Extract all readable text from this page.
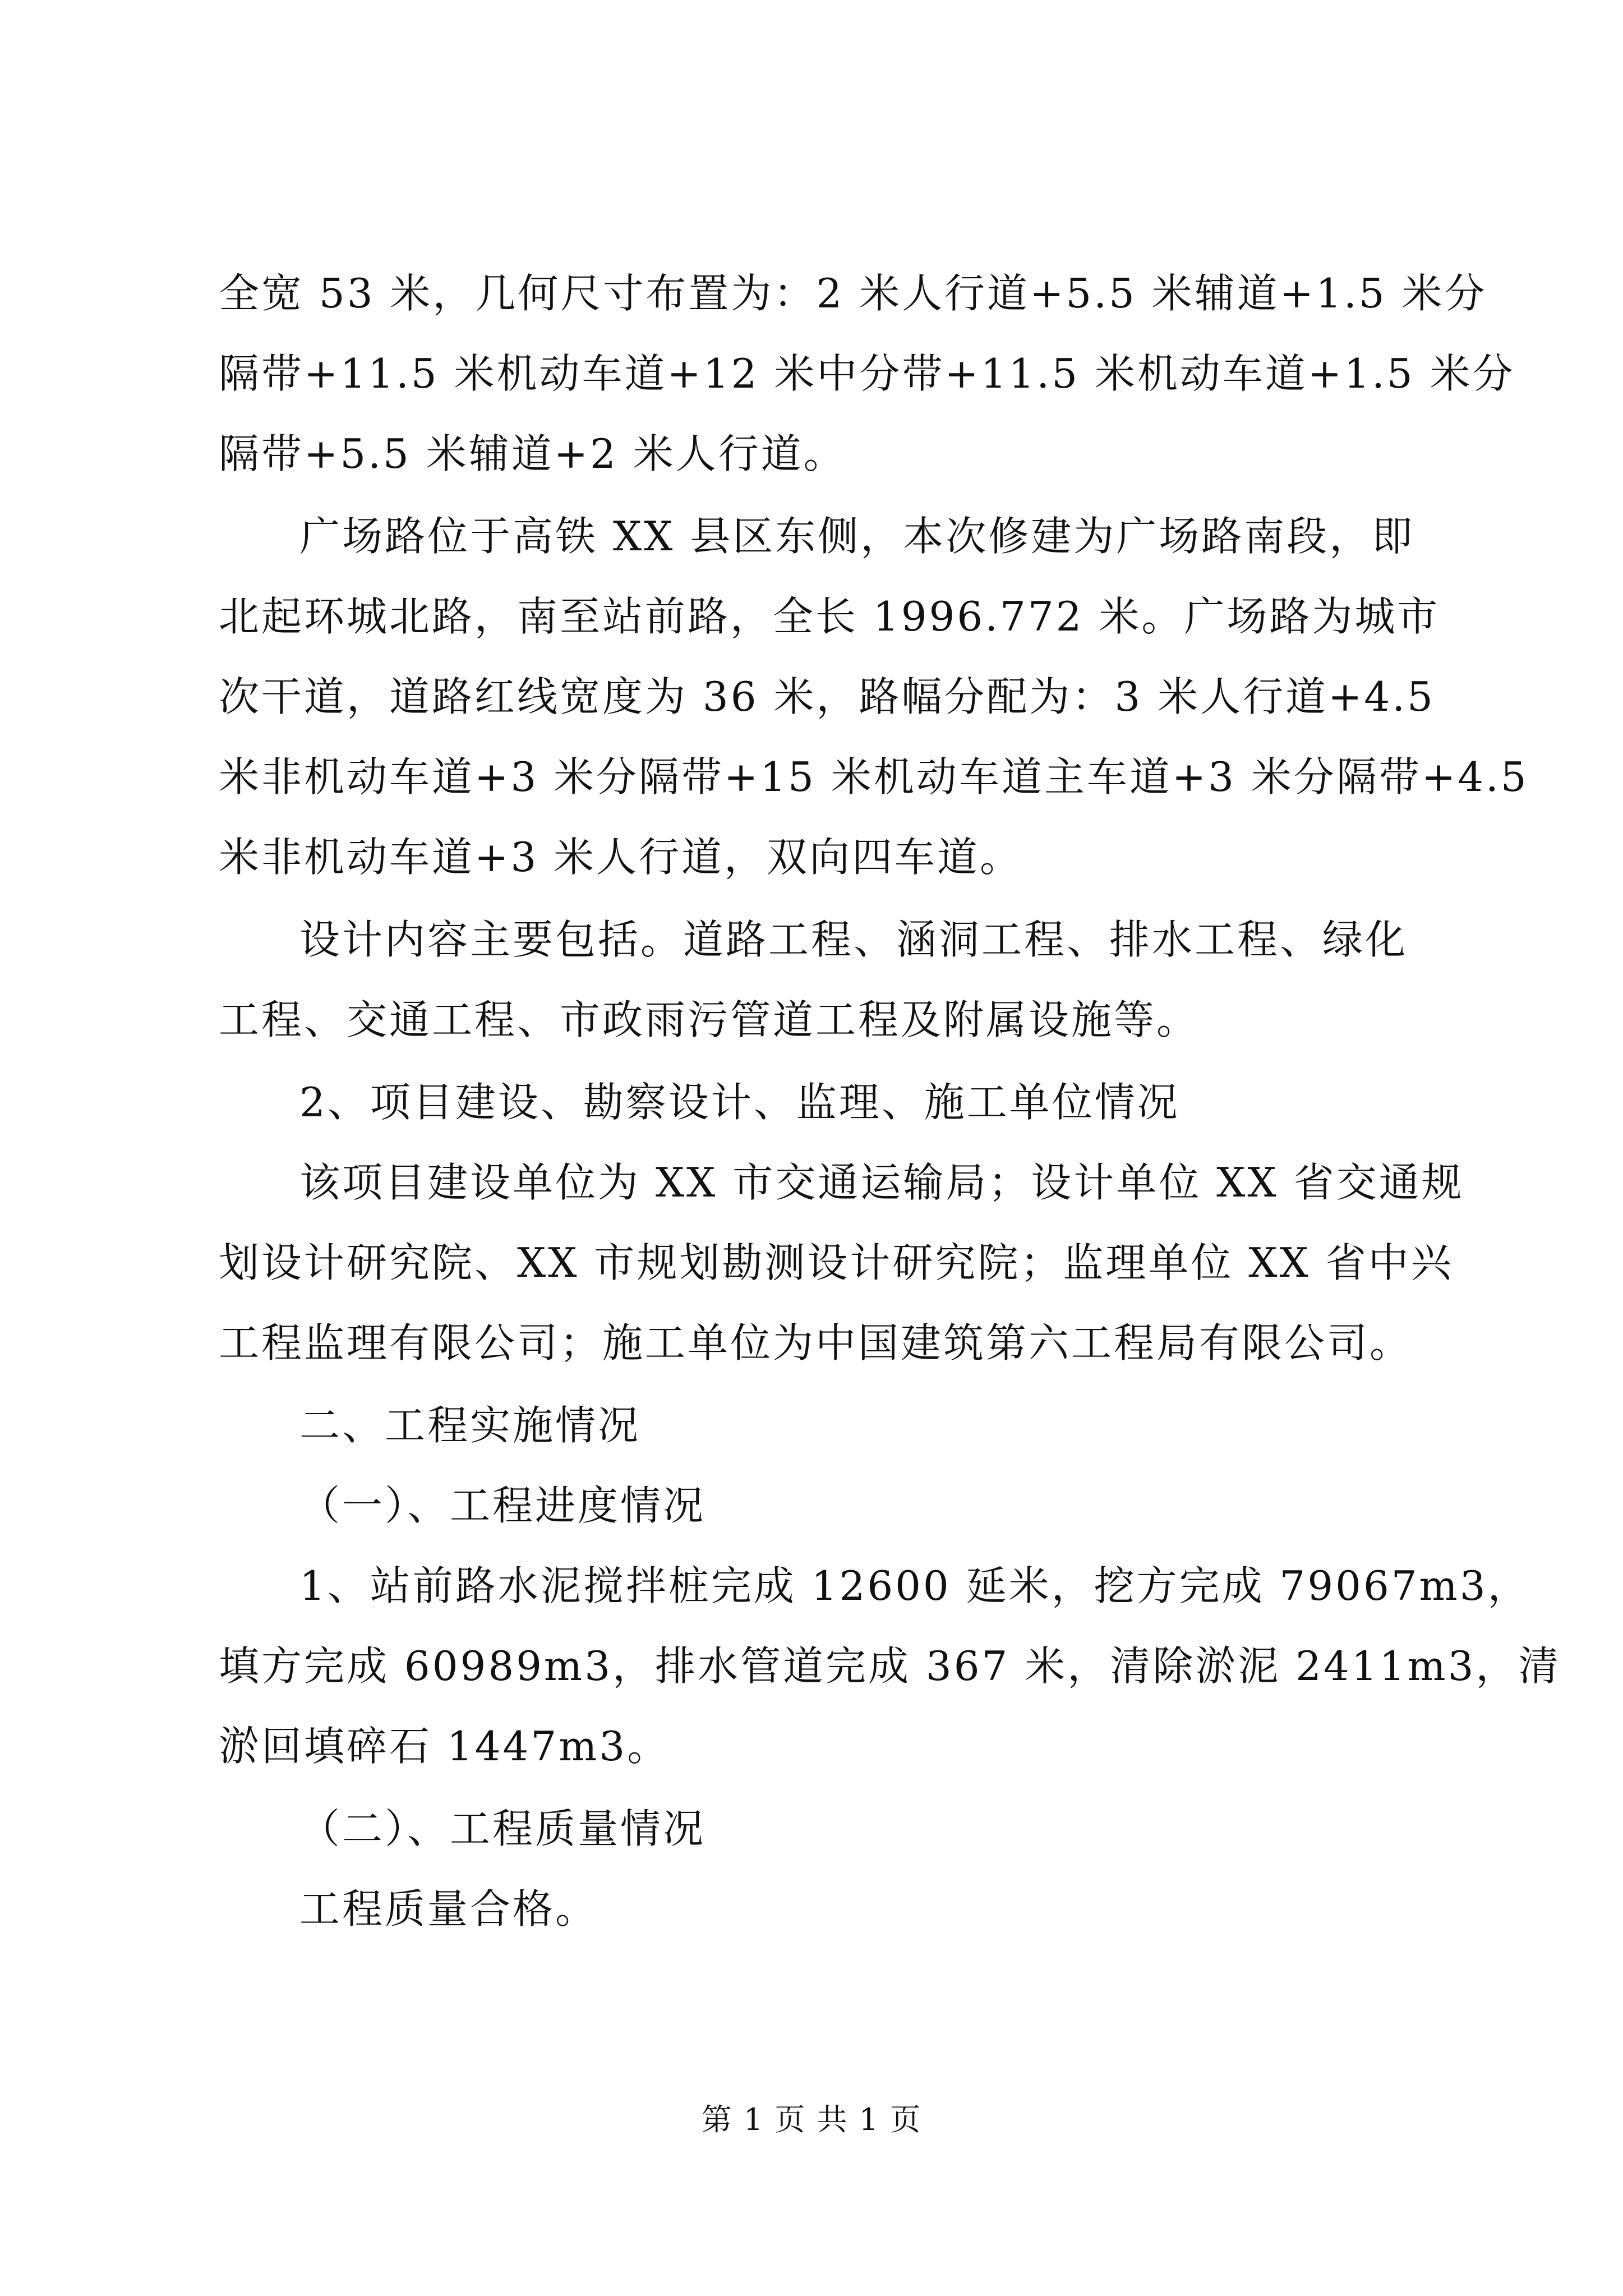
全宽 53 米，几何尺寸布置为：2 米人行道+5.5 米辅道+1.5 米分
隔带+11.5 米机动车道+12 米中分带+11.5 米机动车道+1.5 米分
隔带+5.5 米辅道+2 米人行道。

广场路位于高铁 XX 县区东侧，本次修建为广场路南段，即
北起环城北路，南至站前路，全长 1996.772 米。广场路为城市
次干道，道路红线宽度为 36 米，路幅分配为：3 米人行道+4.5
米非机动车道+3 米分隔带+15 米机动车道主车道+3 米分隔带+4.5
米非机动车道+3 米人行道，双向四车道。

设计内容主要包括。道路工程、涵洞工程、排水工程、绿化
工程、交通工程、市政雨污管道工程及附属设施等。

2、项目建设、勘察设计、监理、施工单位情况

该项目建设单位为 XX 市交通运输局；设计单位 XX 省交通规
划设计研究院、XX 市规划勘测设计研究院；监理单位 XX 省中兴
工程监理有限公司；施工单位为中国建筑第六工程局有限公司。

二、工程实施情况

（一）、工程进度情况

1、站前路水泥搅拌桩完成 12600 延米，挖方完成 79067m3，
填方完成 60989m3，排水管道完成 367 米，清除淤泥 2411m3，清
淤回填碎石 1447m3。

（二）、工程质量情况

工程质量合格。

第 1 页 共 1 页
